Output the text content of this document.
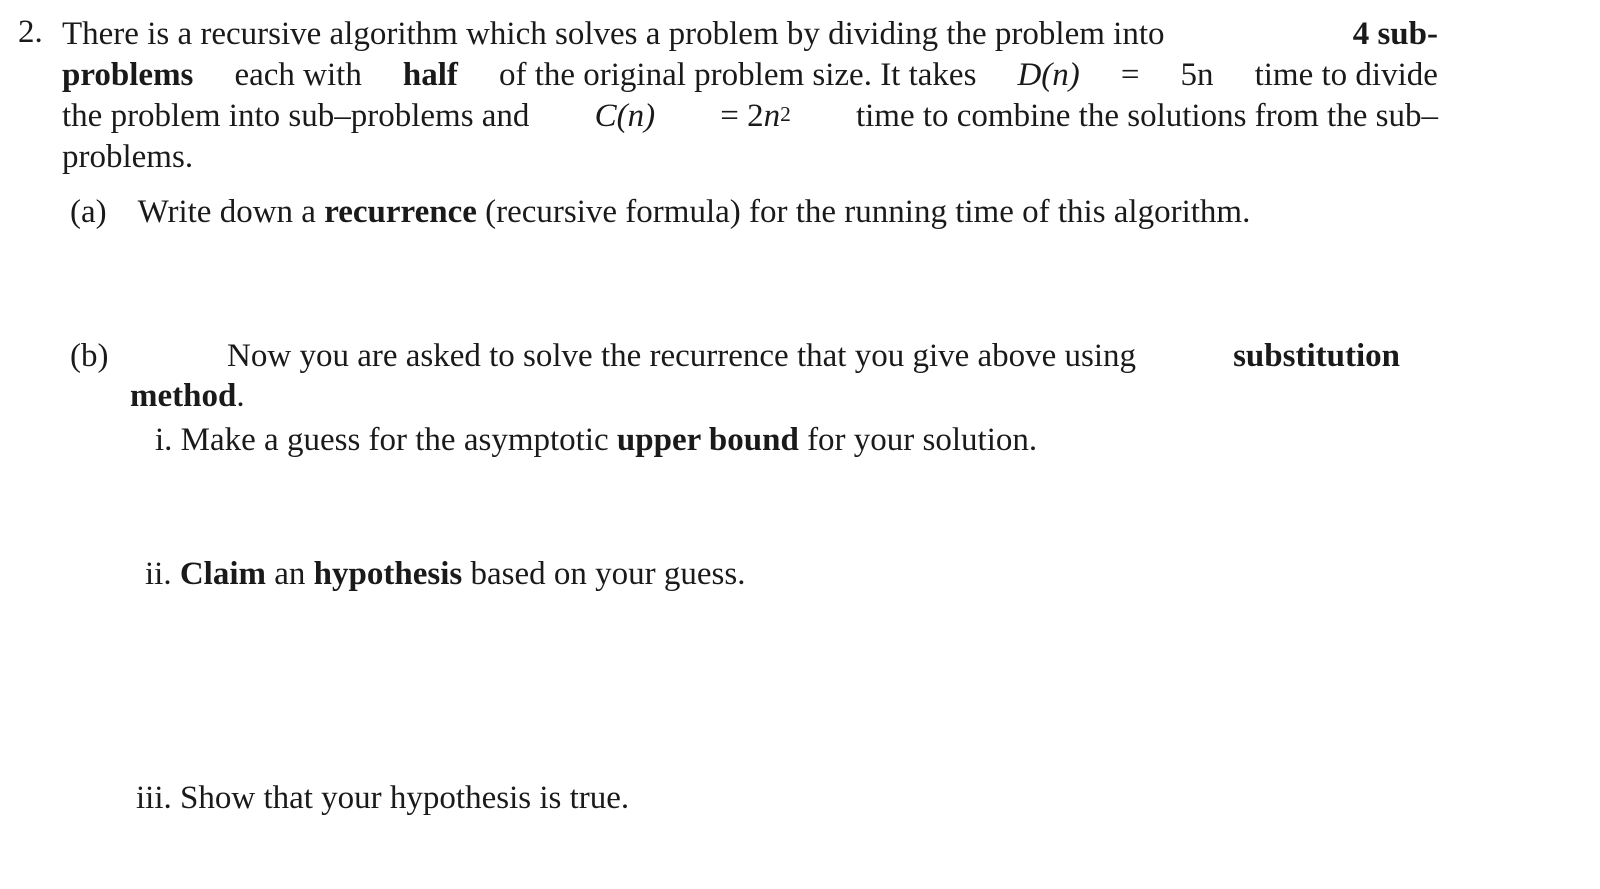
2. There is a recursive algorithm which solves a problem by dividing the problem into	4 sub-
problems each with half of the original problem size. It takes D(n) = 5n time to divide
the problem into sub–problems and $C(n) = 2n^2$ time to combine the solutions from the sub–
problems.
(a) Write down a recurrence (recursive formula) for the running time of this algorithm.
(b)	Now you are asked to solve the recurrence that you give above using	substitution
method.
i. Make a guess for the asymptotic upper bound for your solution.
ii. Claim an hypothesis based on your guess.
iii. Show that your hypothesis is true.
